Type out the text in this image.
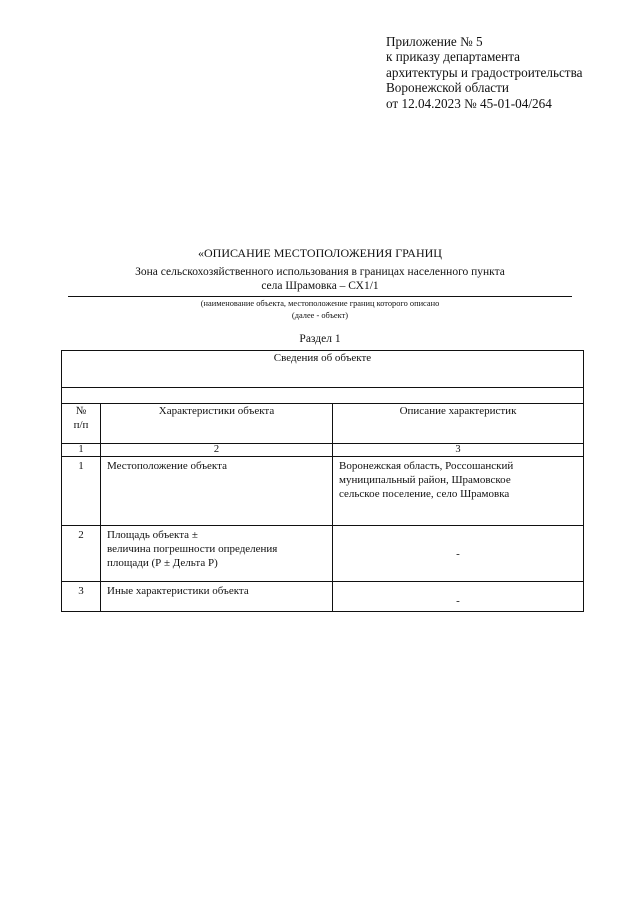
Приложение № 5
к приказу департамента
архитектуры и градостроительства
Воронежской области
от 12.04.2023 № 45-01-04/264
«ОПИСАНИЕ МЕСТОПОЛОЖЕНИЯ ГРАНИЦ
Зона сельскохозяйственного использования в границах населенного пункта
села Шрамовка – СХ1/1
(наименование объекта, местоположение границ которого описано
(далее - объект)
Раздел 1
Сведения об объекте		

№
п/п	Характеристики объекта	Описание характеристик
1	2	3
1	Местоположение объекта	Воронежская область, Россошанский
муниципальный район, Шрамовское
сельское поселение, село Шрамовка

2	Площадь объекта ±
величина погрешности определения
площади (Р ± Дельта Р)	-
3	Иные характеристики объекта	-
